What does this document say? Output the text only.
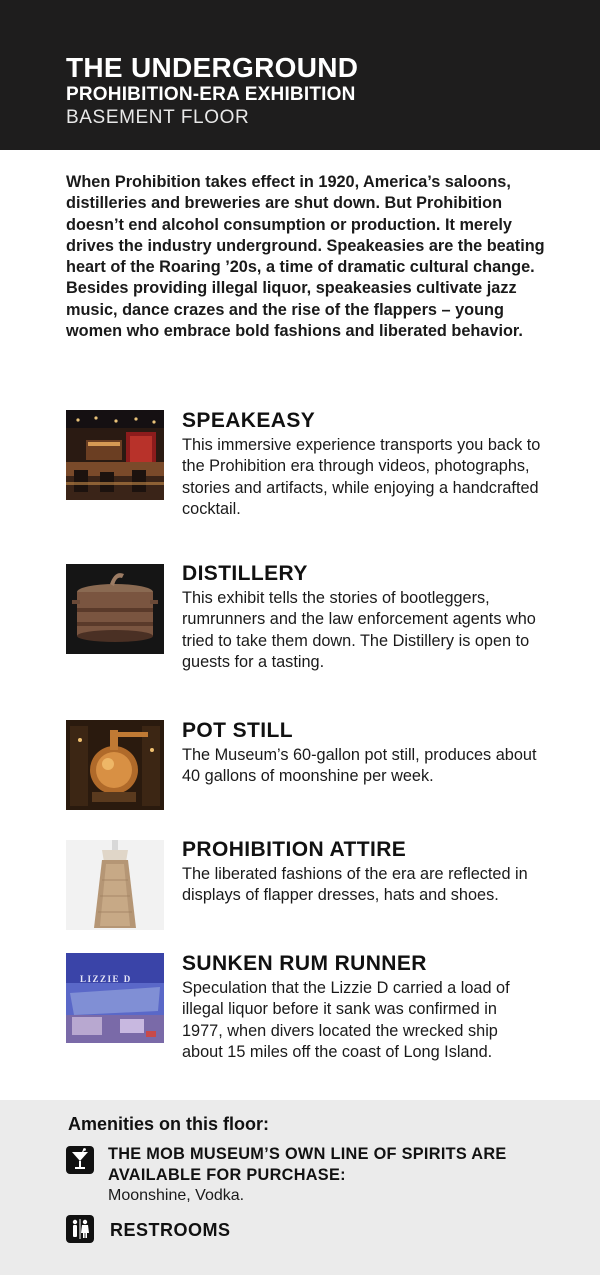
THE UNDERGROUND
PROHIBITION-ERA EXHIBITION
BASEMENT FLOOR
When Prohibition takes effect in 1920, America’s saloons, distilleries and breweries are shut down. But Prohibition doesn’t end alcohol consumption or production. It merely drives the industry underground. Speakeasies are the beating heart of the Roaring ’20s, a time of dramatic cultural change. Besides providing illegal liquor, speakeasies cultivate jazz music, dance crazes and the rise of the flappers – young women who embrace bold fashions and liberated behavior.
SPEAKEASY
This immersive experience transports you back to the Prohibition era through videos, photographs, stories and artifacts, while enjoying a handcrafted cocktail.
DISTILLERY
This exhibit tells the stories of bootleggers, rumrunners and the law enforcement agents who tried to take them down. The Distillery is open to guests for a tasting.
POT STILL
The Museum’s 60-gallon pot still, produces about 40 gallons of moonshine per week.
PROHIBITION ATTIRE
The liberated fashions of the era are reflected in displays of flapper dresses, hats and shoes.
LIZZIE D
SUNKEN RUM RUNNER
Speculation that the Lizzie D carried a load of illegal liquor before it sank was confirmed in 1977, when divers located the wrecked ship about 15 miles off the coast of Long Island.
Amenities on this floor:
THE MOB MUSEUM’S OWN LINE OF SPIRITS ARE AVAILABLE FOR PURCHASE:
Moonshine, Vodka.
RESTROOMS
